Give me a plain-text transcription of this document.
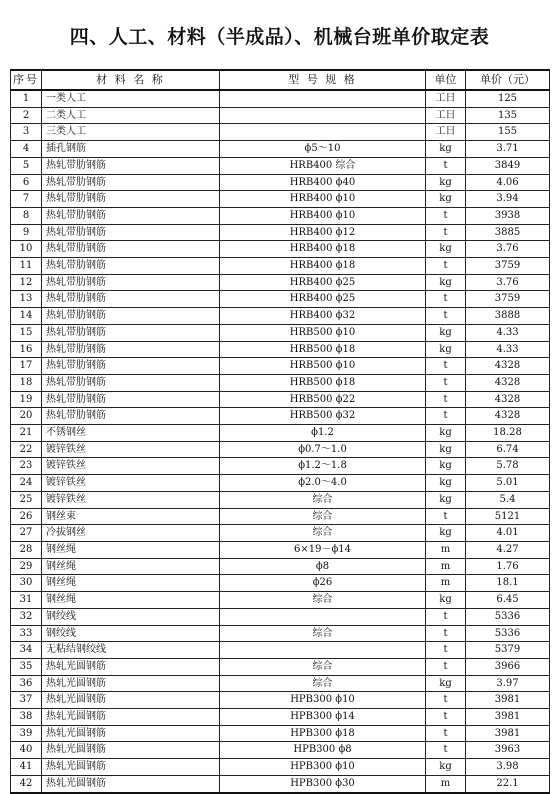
四、人工、材料（半成品）、机械台班单价取定表
序号	材 料 名 称	型 号 规 格	单位	单价（元）
1	一类人工		工日	125
2	二类人工		工日	135
3	三类人工		工日	155
4	插孔钢筋	ϕ5～10	kg	3.71
5	热轧带肋钢筋	HRB400 综合	t	3849
6	热轧带肋钢筋	HRB400 ϕ40	kg	4.06
7	热轧带肋钢筋	HRB400 ϕ10	kg	3.94
8	热轧带肋钢筋	HRB400 ϕ10	t	3938
9	热轧带肋钢筋	HRB400 ϕ12	t	3885
10	热轧带肋钢筋	HRB400 ϕ18	kg	3.76
11	热轧带肋钢筋	HRB400 ϕ18	t	3759
12	热轧带肋钢筋	HRB400 ϕ25	kg	3.76
13	热轧带肋钢筋	HRB400 ϕ25	t	3759
14	热轧带肋钢筋	HRB400 ϕ32	t	3888
15	热轧带肋钢筋	HRB500 ϕ10	kg	4.33
16	热轧带肋钢筋	HRB500 ϕ18	kg	4.33
17	热轧带肋钢筋	HRB500 ϕ10	t	4328
18	热轧带肋钢筋	HRB500 ϕ18	t	4328
19	热轧带肋钢筋	HRB500 ϕ22	t	4328
20	热轧带肋钢筋	HRB500 ϕ32	t	4328
21	不锈钢丝	ϕ1.2	kg	18.28
22	镀锌铁丝	ϕ0.7～1.0	kg	6.74
23	镀锌铁丝	ϕ1.2～1.8	kg	5.78
24	镀锌铁丝	ϕ2.0～4.0	kg	5.01
25	镀锌铁丝	综合	kg	5.4
26	钢丝束	综合	t	5121
27	冷拔钢丝	综合	kg	4.01
28	钢丝绳	6×19－ϕ14	m	4.27
29	钢丝绳	ϕ8	m	1.76
30	钢丝绳	ϕ26	m	18.1
31	钢丝绳	综合	kg	6.45
32	钢绞线		t	5336
33	钢绞线	综合	t	5336
34	无粘结钢绞线		t	5379
35	热轧光圆钢筋	综合	t	3966
36	热轧光圆钢筋	综合	kg	3.97
37	热轧光圆钢筋	HPB300 ϕ10	t	3981
38	热轧光圆钢筋	HPB300 ϕ14	t	3981
39	热轧光圆钢筋	HPB300 ϕ18	t	3981
40	热轧光圆钢筋	HPB300 ϕ8	t	3963
41	热轧光圆钢筋	HPB300 ϕ10	kg	3.98
42	热轧光圆钢筋	HPB300 ϕ30	m	22.1
